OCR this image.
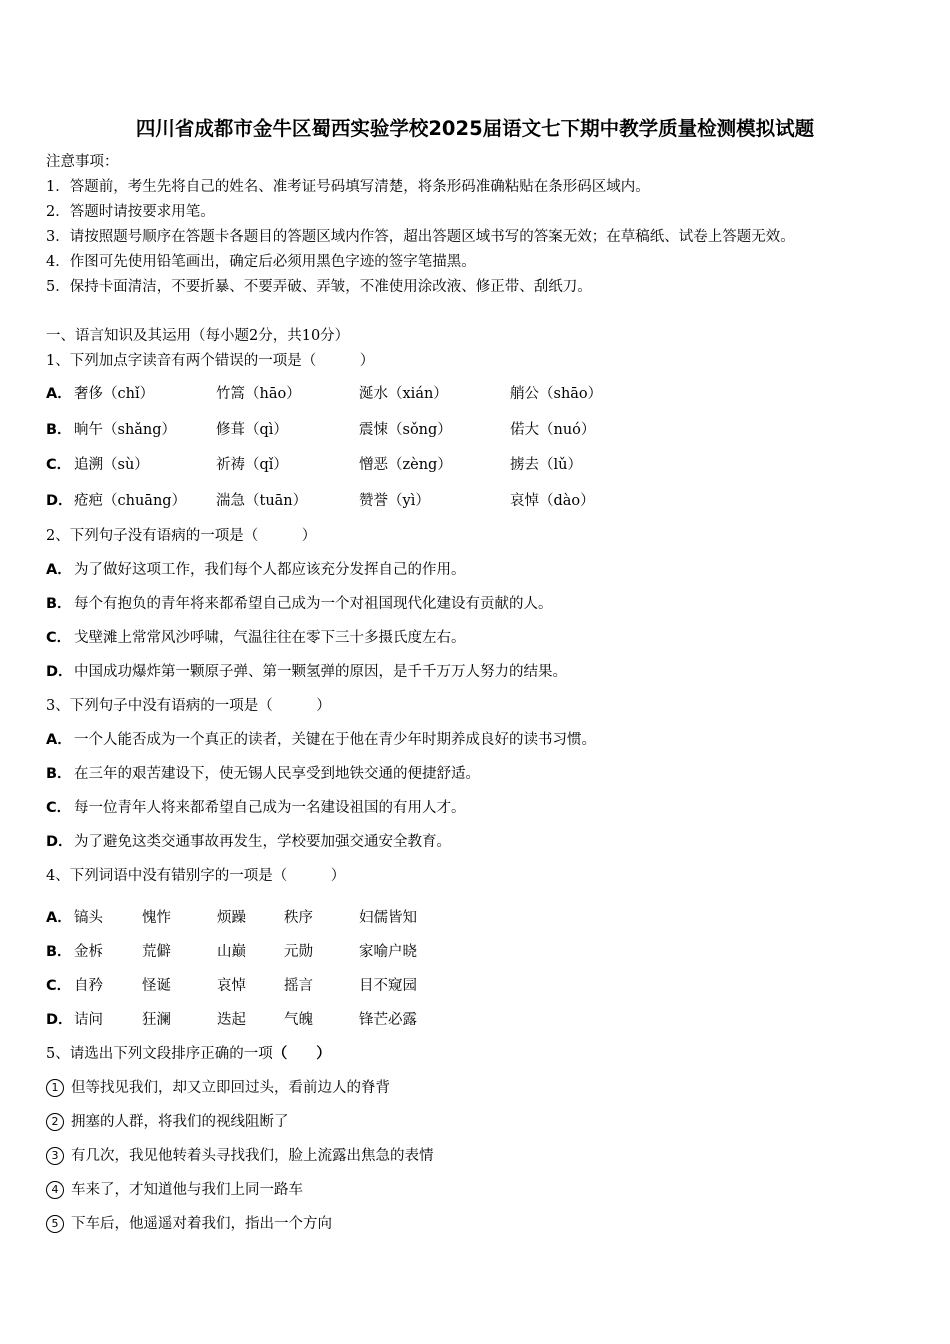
四川省成都市金牛区蜀西实验学校2025届语文七下期中教学质量检测模拟试题
注意事项：
1．答题前，考生先将自己的姓名、准考证号码填写清楚，将条形码准确粘贴在条形码区域内。
2．答题时请按要求用笔。
3．请按照题号顺序在答题卡各题目的答题区域内作答，超出答题区域书写的答案无效；在草稿纸、试卷上答题无效。
4．作图可先使用铅笔画出，确定后必须用黑色字迹的签字笔描黑。
5．保持卡面清洁，不要折暴、不要弄破、弄皱，不准使用涂改液、修正带、刮纸刀。
一、语言知识及其运用（每小题2分，共10分）
1、下列加点字读音有两个错误的一项是（　　　）
A． 奢侈（chǐ）	竹篙（hāo）	涎水（xián）	艄公（shāo）
B． 晌午（shǎng）	修葺（qì）	震悚（sǒng）	偌大（nuó）
C． 追溯（sù）	祈祷（qǐ）	憎恶（zèng）	掳去（lǔ）
D． 疮疤（chuāng） 湍急（tuān）	赞誉（yì）	哀悼（dào）
2、下列句子没有语病的一项是（　　　）
A． 为了做好这项工作，我们每个人都应该充分发挥自己的作用。
B． 每个有抱负的青年将来都希望自己成为一个对祖国现代化建设有贡献的人。
C． 戈壁滩上常常风沙呼啸，气温往往在零下三十多摄氏度左右。
D． 中国成功爆炸第一颗原子弹、第一颗氢弹的原因，是千千万万人努力的结果。
3、下列句子中没有语病的一项是（　　　）
A． 一个人能否成为一个真正的读者，关键在于他在青少年时期养成良好的读书习惯。
B． 在三年的艰苦建设下，使无锡人民享受到地铁交通的便捷舒适。
C． 每一位青年人将来都希望自己成为一名建设祖国的有用人才。
D． 为了避免这类交通事故再发生，学校要加强交通安全教育。
4、下列词语中没有错别字的一项是（　　　）
A． 镐头	愧怍	烦躁	秩序	妇儒皆知
B． 金柝	荒僻	山巅	元勋	家喻户晓
C． 自矜	怪诞	哀悼	摇言	目不窥园
D． 诘问	狂澜	迭起	气魄	锋芒必露
5、请选出下列文段排序正确的一项（　　）
1 但等找见我们，却又立即回过头，看前边人的脊背
2 拥塞的人群，将我们的视线阻断了
3 有几次，我见他转着头寻找我们，脸上流露出焦急的表情
4 车来了，才知道他与我们上同一路车
5 下车后，他遥遥对着我们，指出一个方向
